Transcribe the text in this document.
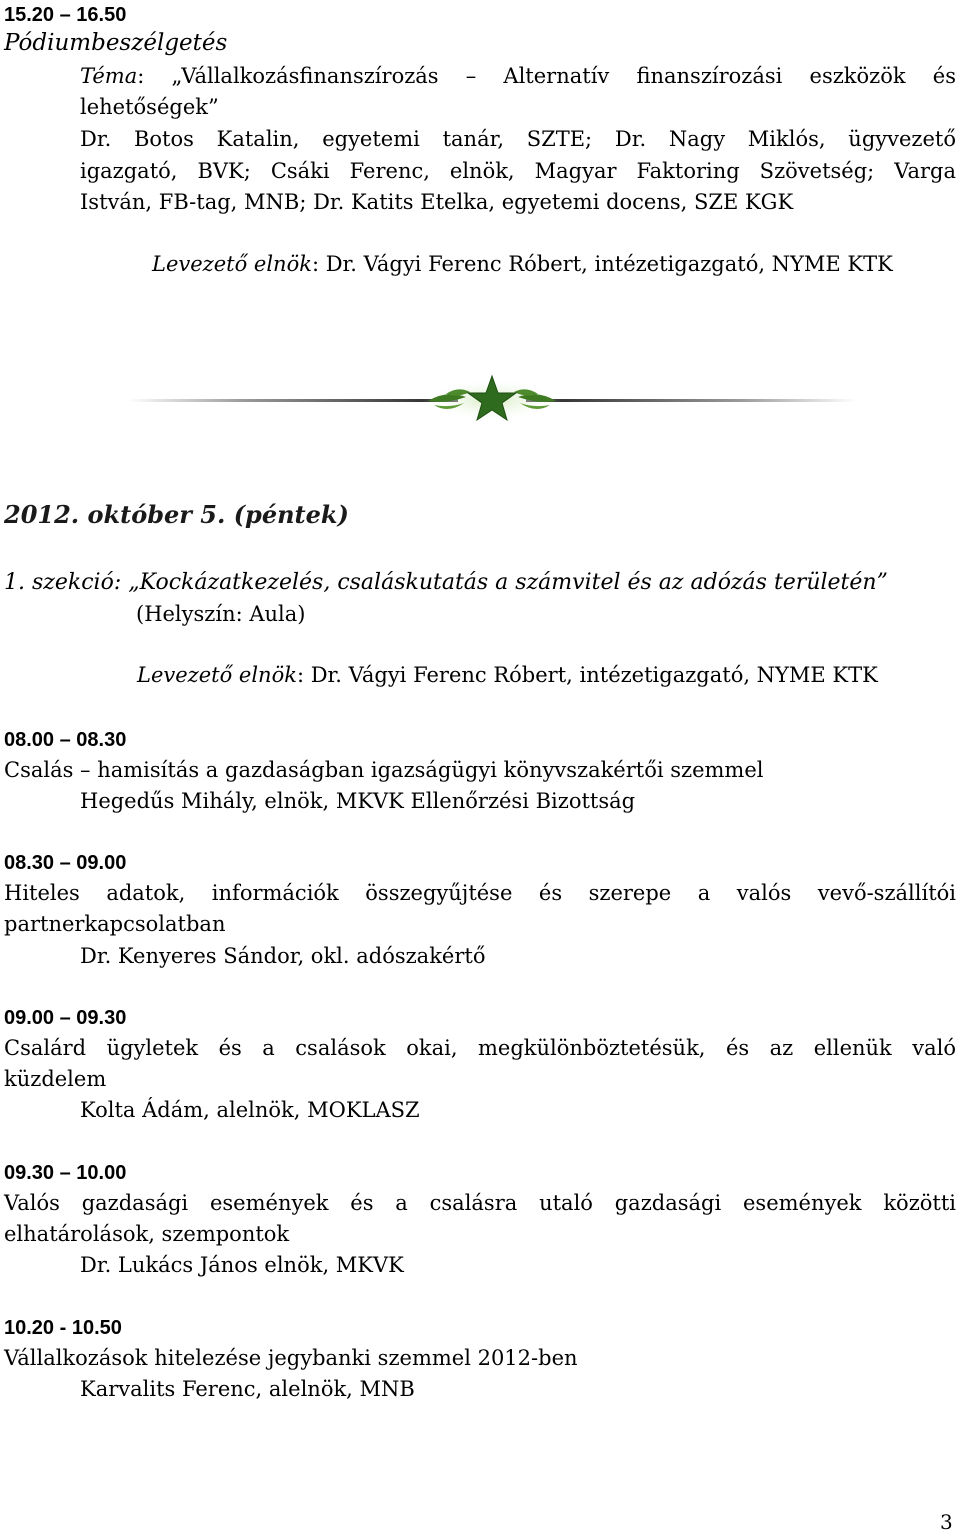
15.20 – 16.50
Pódiumbeszélgetés
Téma: „Vállalkozásfinanszírozás – Alternatív finanszírozási eszközök és
lehetőségek”
Dr. Botos Katalin, egyetemi tanár, SZTE; Dr. Nagy Miklós, ügyvezető
igazgató, BVK; Csáki Ferenc, elnök, Magyar Faktoring Szövetség; Varga
István, FB-tag, MNB; Dr. Katits Etelka, egyetemi docens, SZE KGK
Levezető elnök: Dr. Vágyi Ferenc Róbert, intézetigazgató, NYME KTK
2012. október 5. (péntek)
1. szekció: „Kockázatkezelés, csaláskutatás a számvitel és az adózás területén”
(Helyszín: Aula)
Levezető elnök: Dr. Vágyi Ferenc Róbert, intézetigazgató, NYME KTK
08.00 – 08.30
Csalás – hamisítás a gazdaságban igazságügyi könyvszakértői szemmel
Hegedűs Mihály, elnök, MKVK Ellenőrzési Bizottság
08.30 – 09.00
Hiteles adatok, információk összegyűjtése és szerepe a valós vevő-szállítói
partnerkapcsolatban
Dr. Kenyeres Sándor, okl. adószakértő
09.00 – 09.30
Csalárd ügyletek és a csalások okai, megkülönböztetésük, és az ellenük való
küzdelem
Kolta Ádám, alelnök, MOKLASZ
09.30 – 10.00
Valós gazdasági események és a csalásra utaló gazdasági események közötti
elhatárolások, szempontok
Dr. Lukács János elnök, MKVK
10.20 - 10.50
Vállalkozások hitelezése jegybanki szemmel 2012-ben
Karvalits Ferenc, alelnök, MNB
3
